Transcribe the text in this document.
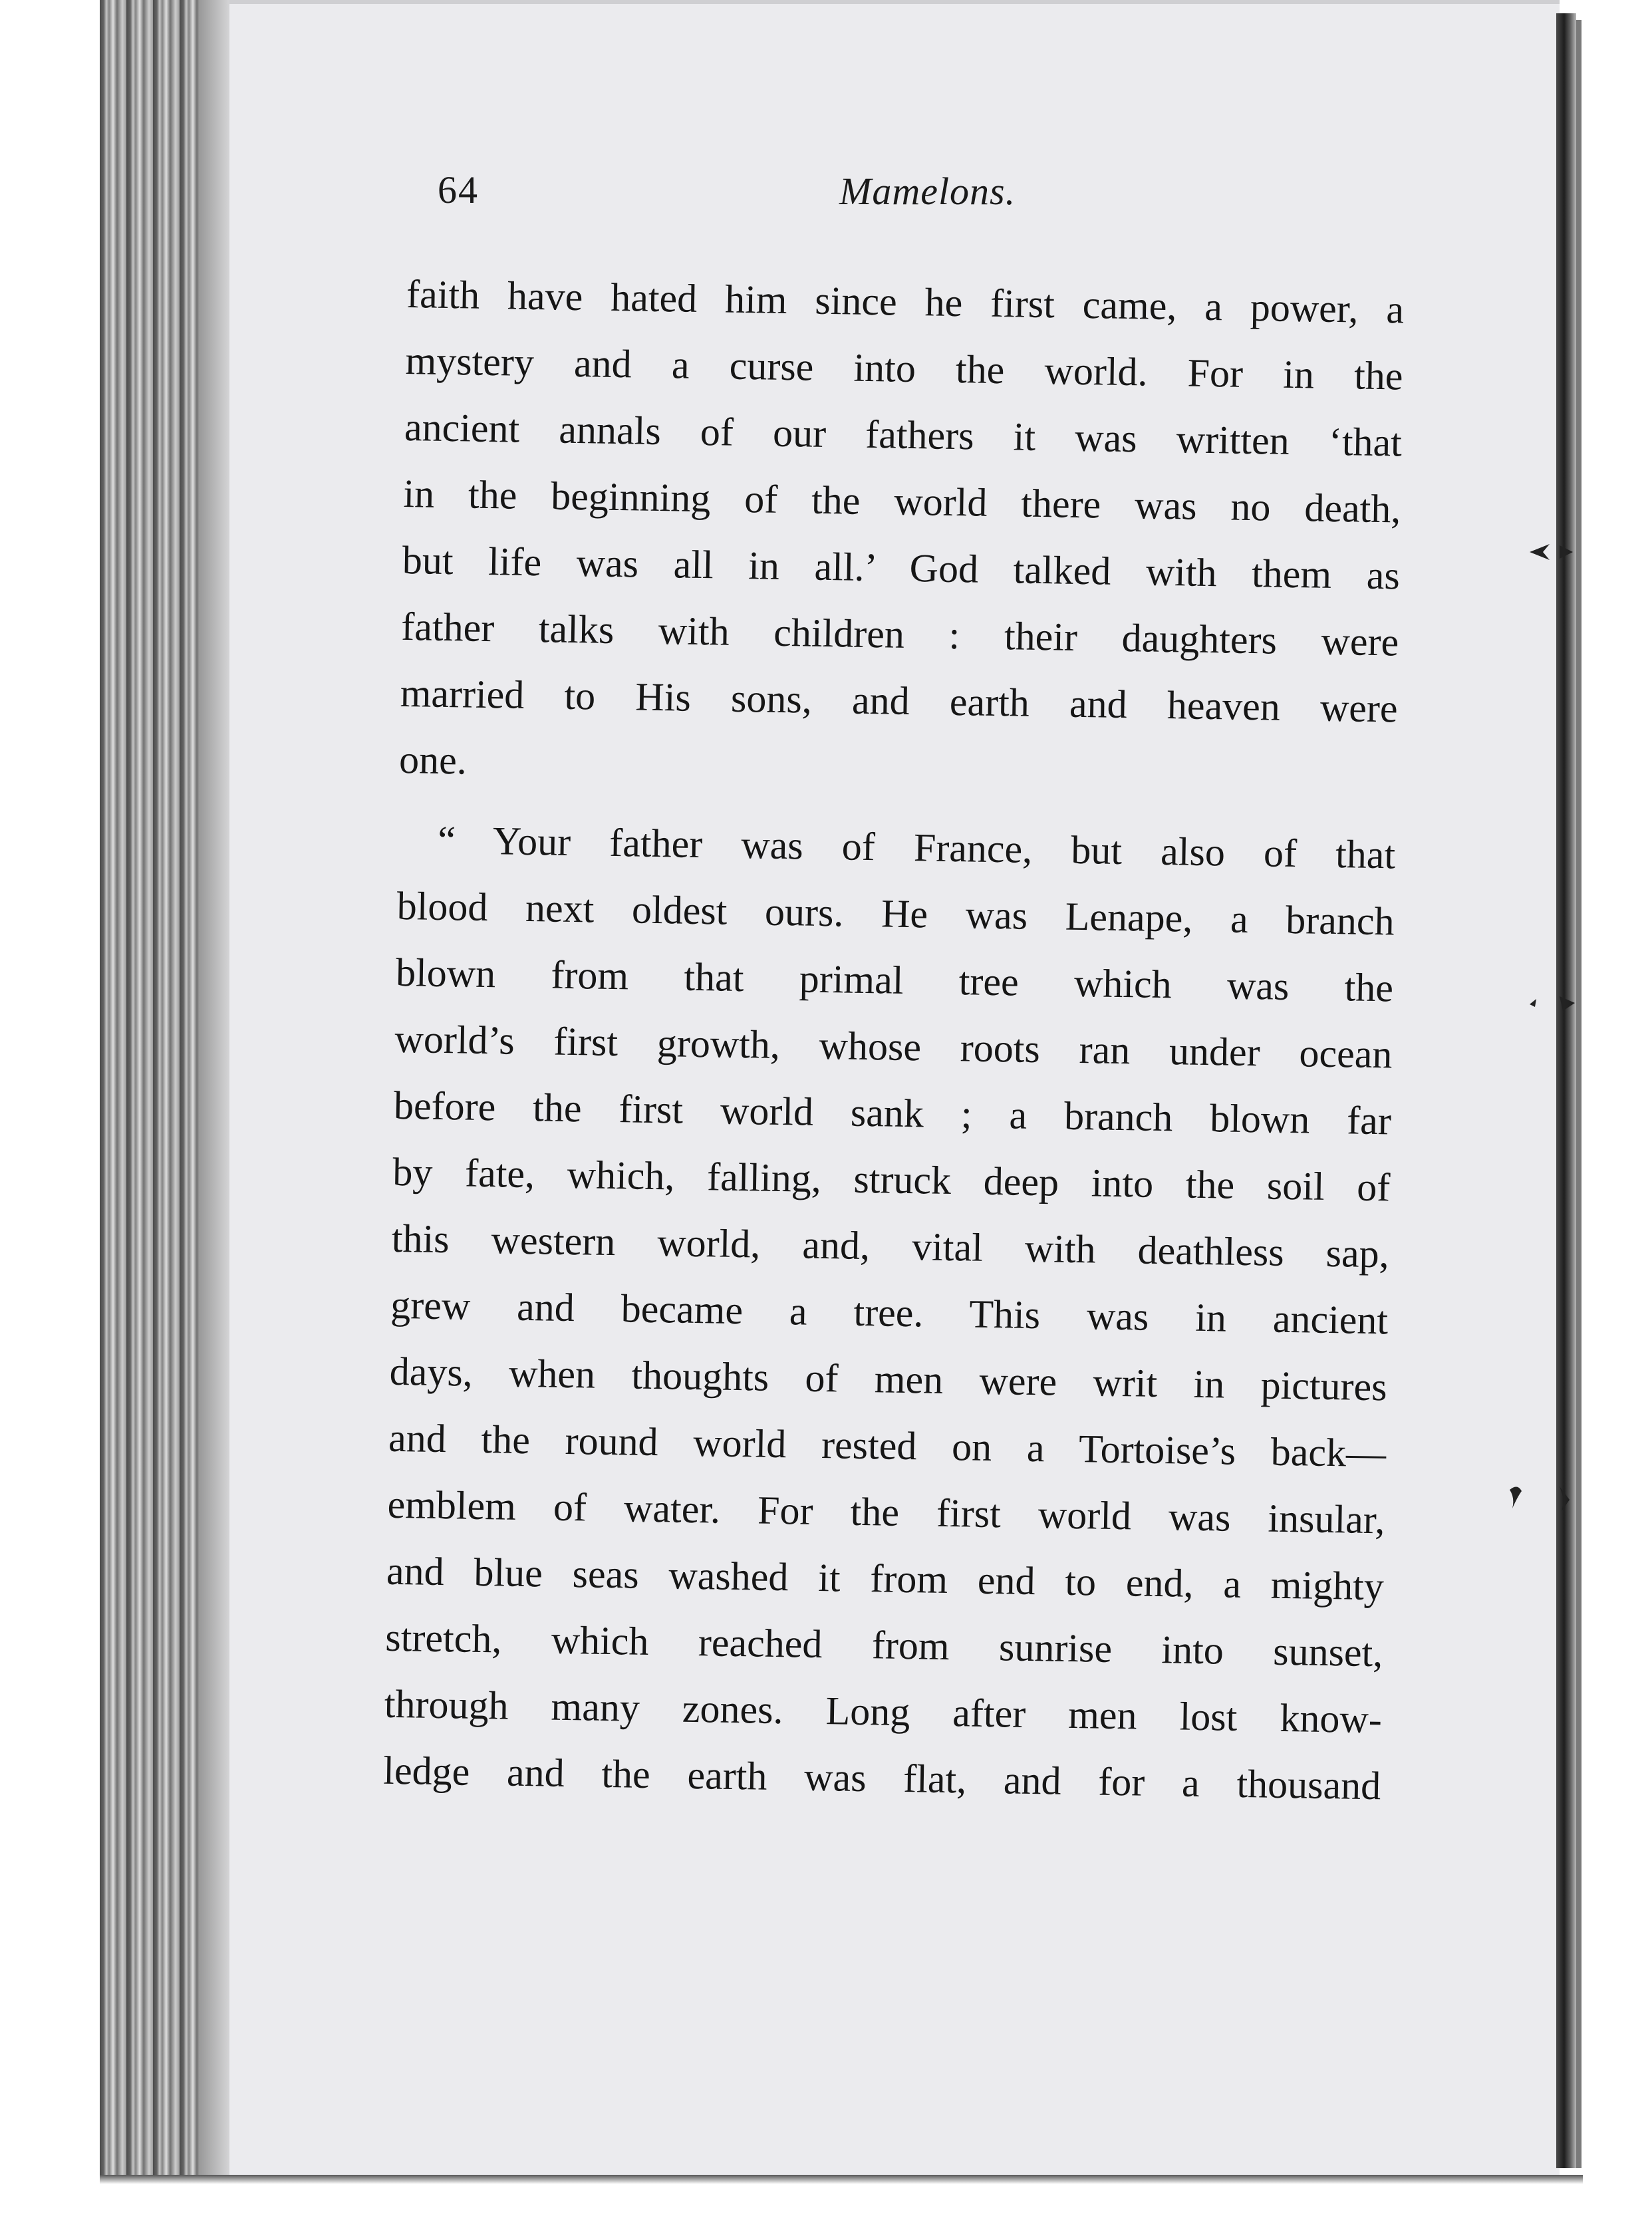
64	Mamelons.
faith have hated him since he first came, a power, a
mystery and a curse into the world. For in the
ancient annals of our fathers it was written ‘that
in the beginning of the world there was no death,
but life was all in all.’ God talked with them as
father talks with children : their daughters were
married to His sons, and earth and heaven were
one.
“ Your father was of France, but also of that
blood next oldest ours. He was Lenape, a branch
blown from that primal tree which was the
world’s first growth, whose roots ran under ocean
before the first world sank ; a branch blown far
by fate, which, falling, struck deep into the soil of
this western world, and, vital with deathless sap,
grew and became a tree. This was in ancient
days, when thoughts of men were writ in pictures
and the round world rested on a Tortoise’s back—
emblem of water. For the first world was insular,
and blue seas washed it from end to end, a mighty
stretch, which reached from sunrise into sunset,
through many zones. Long after men lost know-
ledge and the earth was flat, and for a thousand
